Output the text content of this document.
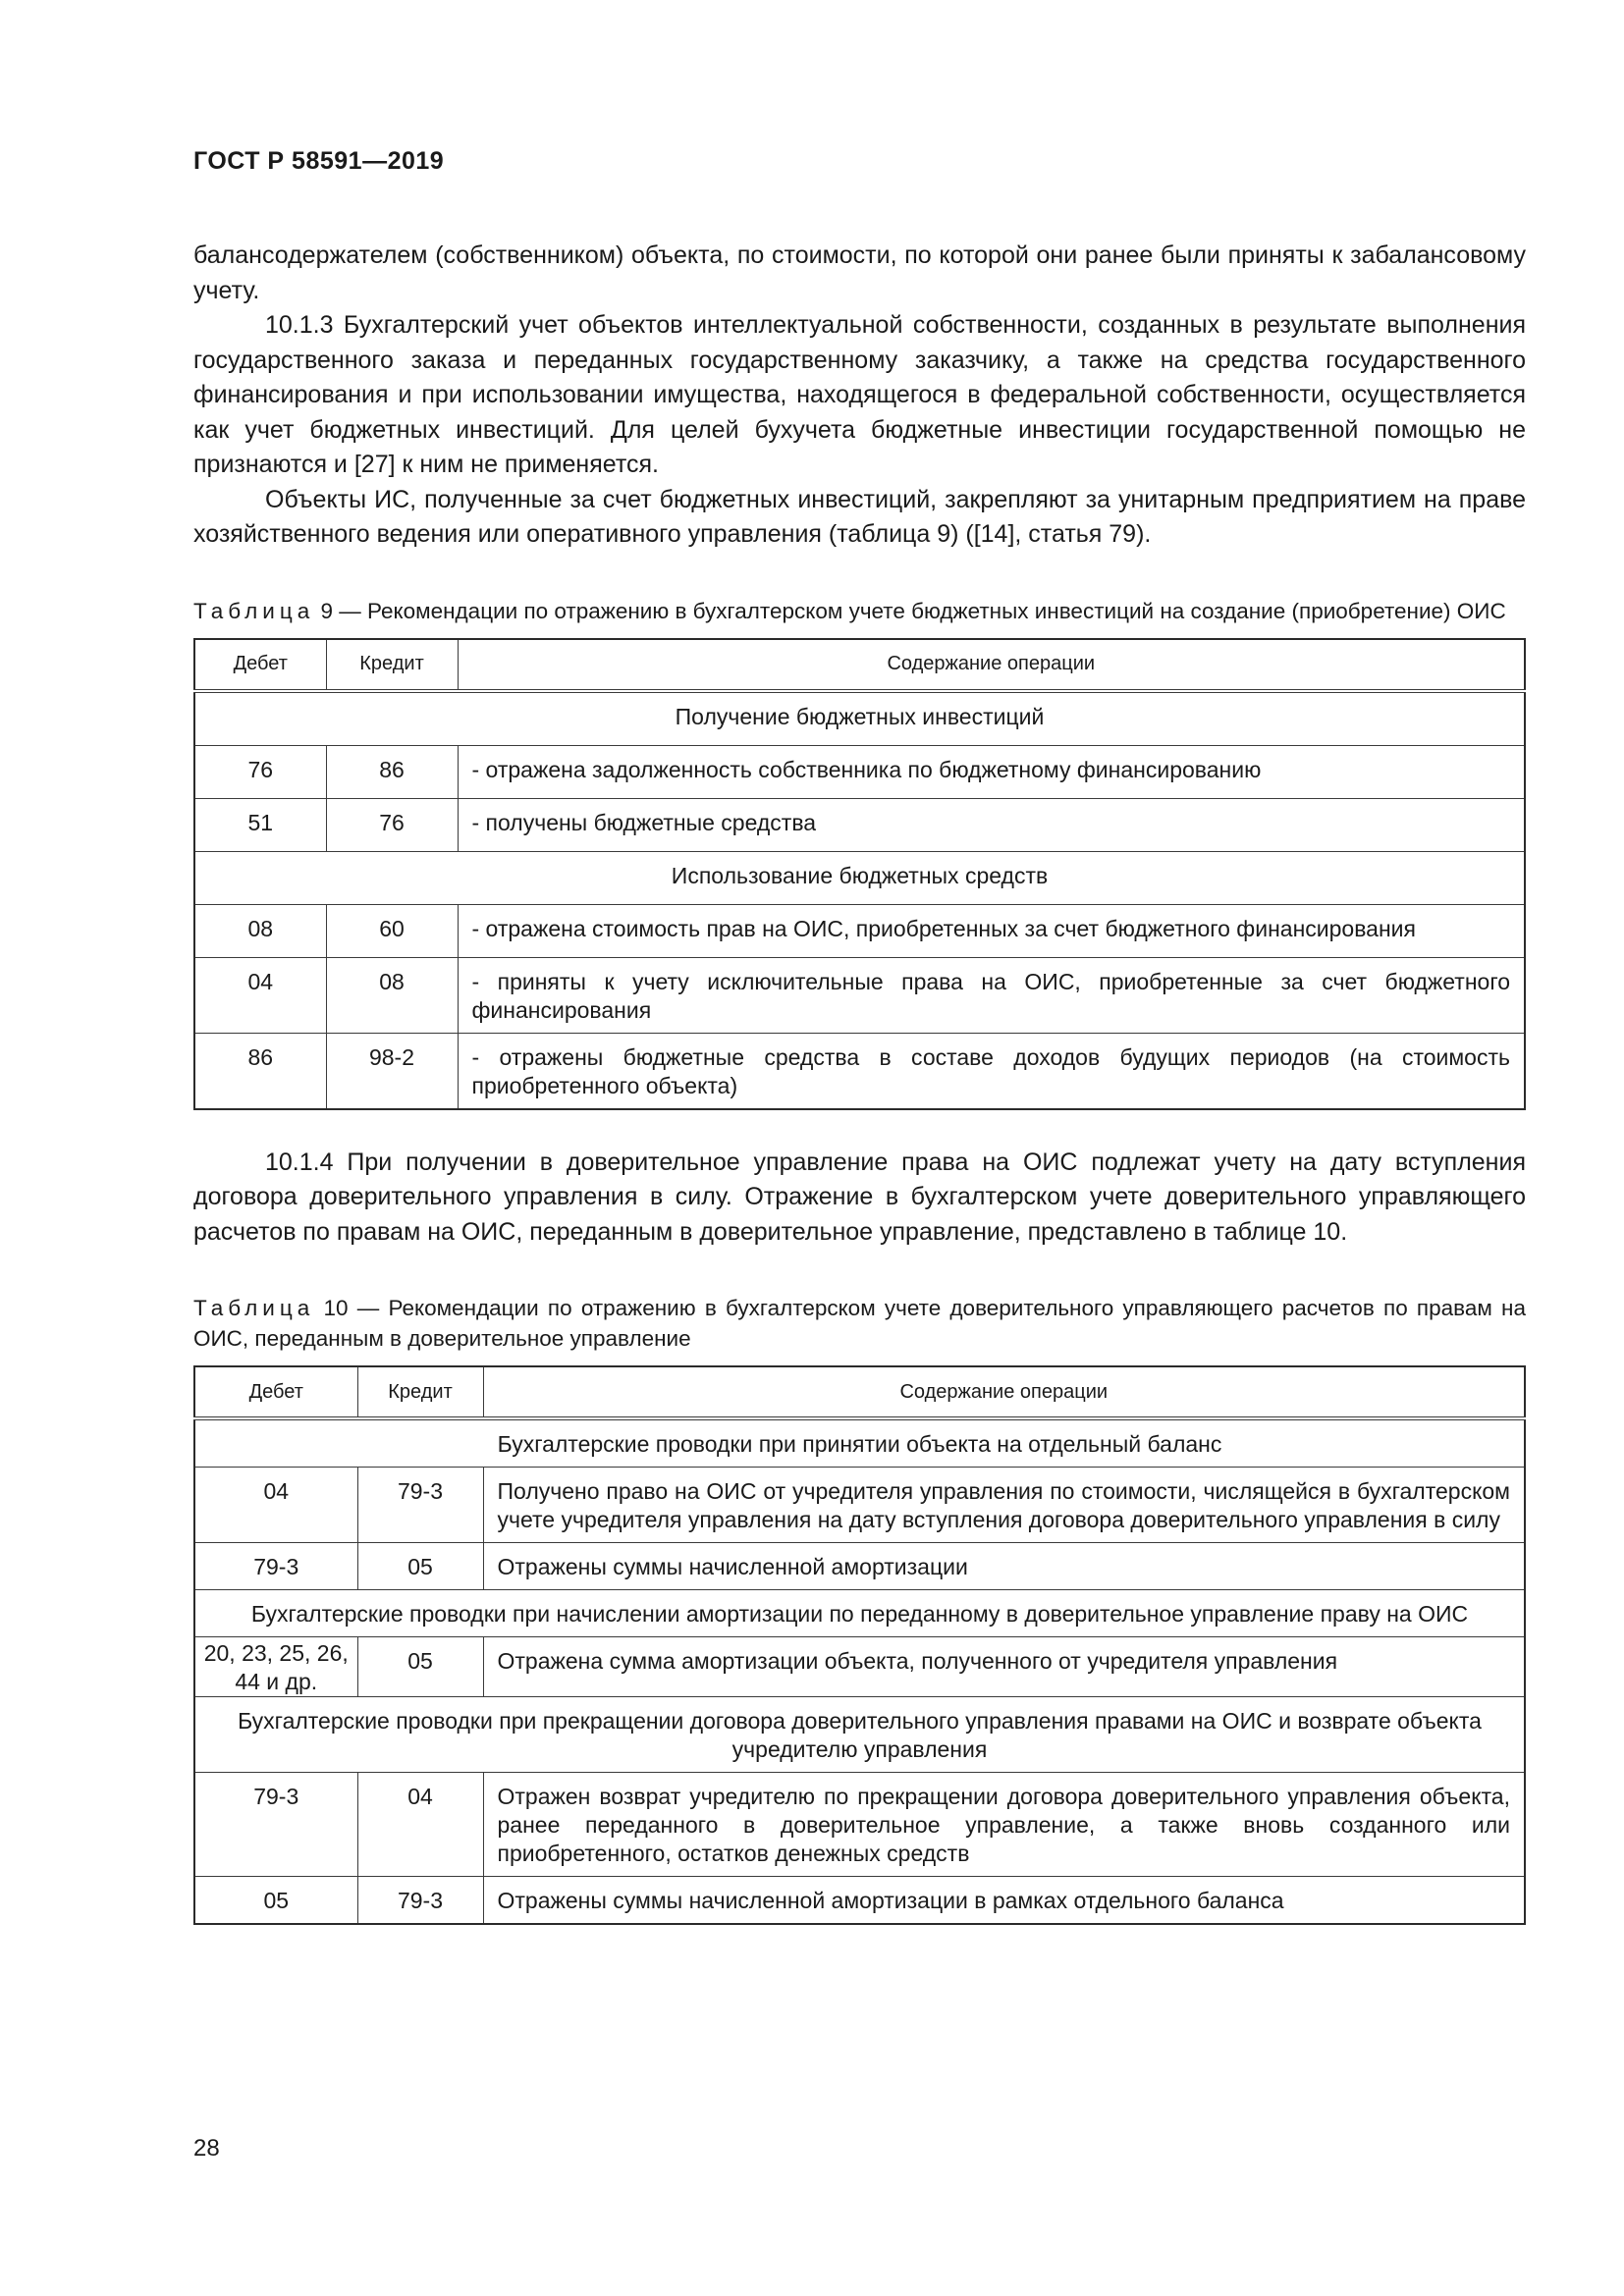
ГОСТ Р 58591—2019

балансодержателем (собственником) объекта, по стоимости, по которой они ранее были приняты к забалансовому учету.

10.1.3 Бухгалтерский учет объектов интеллектуальной собственности, созданных в результате выполнения государственного заказа и переданных государственному заказчику, а также на средства государственного финансирования и при использовании имущества, находящегося в федеральной собственности, осуществляется как учет бюджетных инвестиций. Для целей бухучета бюджетные инвестиции государственной помощью не признаются и [27] к ним не применяется.

Объекты ИС, полученные за счет бюджетных инвестиций, закрепляют за унитарным предприятием на праве хозяйственного ведения или оперативного управления (таблица 9) ([14], статья 79).

Таблица 9 — Рекомендации по отражению в бухгалтерском учете бюджетных инвестиций на создание (приобретение) ОИС
Дебет	Кредит	Содержание операции
Получение бюджетных инвестиций		
76	86	- отражена задолженность собственника по бюджетному финансированию
51	76	- получены бюджетные средства
Использование бюджетных средств		
08	60	- отражена стоимость прав на ОИС, приобретенных за счет бюджетного финансирования
04	08	- приняты к учету исключительные права на ОИС, приобретенные за счет бюджетного финансирования
86	98-2	- отражены бюджетные средства в составе доходов будущих периодов (на стоимость приобретенного объекта)

10.1.4 При получении в доверительное управление права на ОИС подлежат учету на дату вступления договора доверительного управления в силу. Отражение в бухгалтерском учете доверительного управляющего расчетов по правам на ОИС, переданным в доверительное управление, представлено в таблице 10.

Таблица 10 — Рекомендации по отражению в бухгалтерском учете доверительного управляющего расчетов по правам на ОИС, переданным в доверительное управление
Дебет	Кредит	Содержание операции
Бухгалтерские проводки при принятии объекта на отдельный баланс		
04	79-3	Получено право на ОИС от учредителя управления по стоимости, числящейся в бухгалтерском учете учредителя управления на дату вступления договора доверительного управления в силу
79-3	05	Отражены суммы начисленной амортизации
Бухгалтерские проводки при начислении амортизации по переданному в доверительное управление праву на ОИС		
20, 23, 25, 26, 44 и др.	05	Отражена сумма амортизации объекта, полученного от учредителя управления
Бухгалтерские проводки при прекращении договора доверительного управления правами на ОИС и возврате объекта учредителю управления		
79-3	04	Отражен возврат учредителю по прекращении договора доверительного управления объекта, ранее переданного в доверительное управление, а также вновь созданного или приобретенного, остатков денежных средств
05	79-3	Отражены суммы начисленной амортизации в рамках отдельного баланса
28
